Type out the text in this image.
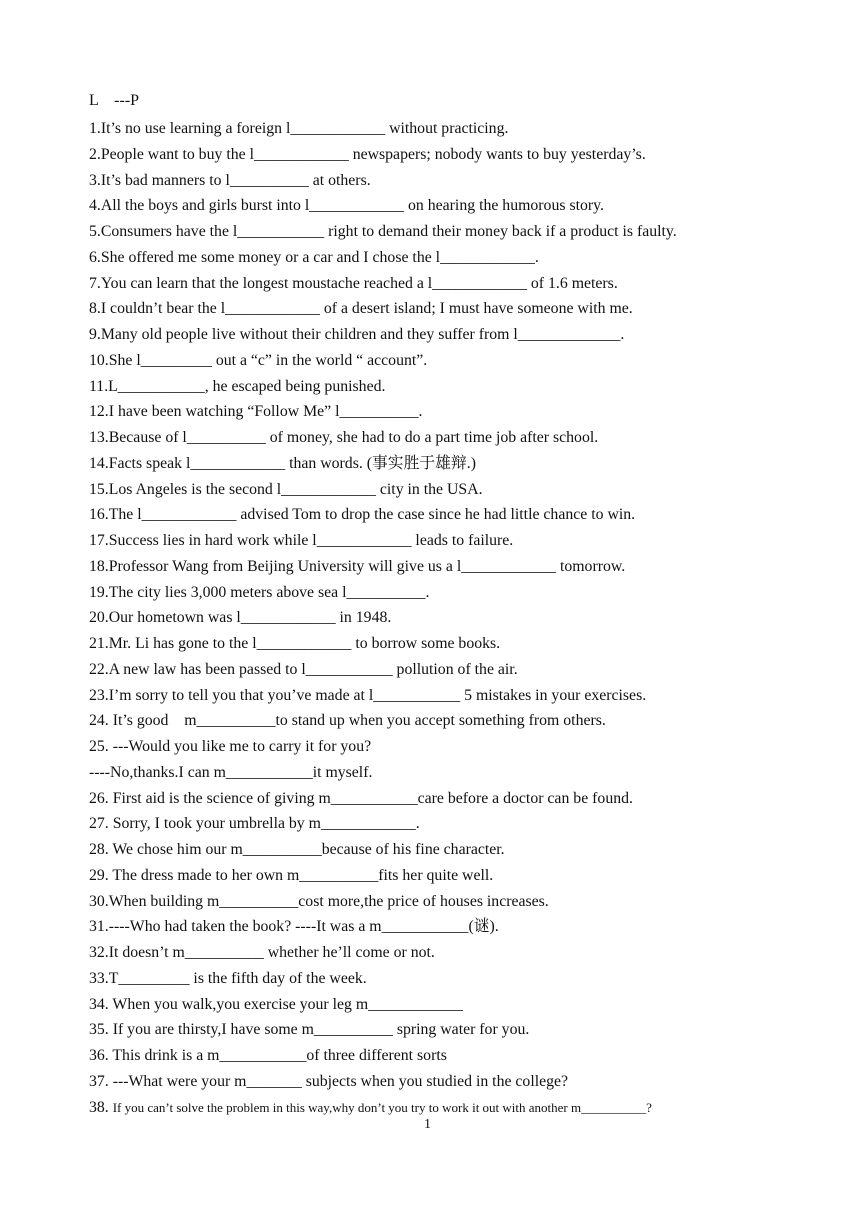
L    ---P
1.It’s no use learning a foreign l____________ without practicing.
2.People want to buy the l____________ newspapers; nobody wants to buy yesterday’s.
3.It’s bad manners to l__________ at others.
4.All the boys and girls burst into l____________ on hearing the humorous story.
5.Consumers have the l___________ right to demand their money back if a product is faulty.
6.She offered me some money or a car and I chose the l____________.
7.You can learn that the longest moustache reached a l____________ of 1.6 meters.
8.I couldn’t bear the l____________ of a desert island; I must have someone with me.
9.Many old people live without their children and they suffer from l_____________.
10.She l_________ out a “c” in the world “ account”.
11.L___________, he escaped being punished.
12.I have been watching “Follow Me” l__________.
13.Because of l__________ of money, she had to do a part time job after school.
14.Facts speak l____________ than words. (事实胜于雄辩.)
15.Los Angeles is the second l____________ city in the USA.
16.The l____________ advised Tom to drop the case since he had little chance to win.
17.Success lies in hard work while l____________ leads to failure.
18.Professor Wang from Beijing University will give us a l____________ tomorrow.
19.The city lies 3,000 meters above sea l__________.
20.Our hometown was l____________ in 1948.
21.Mr. Li has gone to the l____________ to borrow some books.
22.A new law has been passed to l___________ pollution of the air.
23.I’m sorry to tell you that you’ve made at l___________ 5 mistakes in your exercises.
24. It’s good    m__________to stand up when you accept something from others.
25. ---Would you like me to carry it for you?
----No,thanks.I can m___________it myself.
26. First aid is the science of giving m___________care before a doctor can be found.
27. Sorry, I took your umbrella by m____________.
28. We chose him our m__________because of his fine character.
29. The dress made to her own m__________fits her quite well.
30.When building m__________cost more,the price of houses increases.
31.----Who had taken the book? ----It was a m___________(谜).
32.It doesn’t m__________ whether he’ll come or not.
33.T_________ is the fifth day of the week.
34. When you walk,you exercise your leg m____________
35. If you are thirsty,I have some m__________ spring water for you.
36. This drink is a m___________of three different sorts
37. ---What were your m_______ subjects when you studied in the college?
38. If you can’t solve the problem in this way,why don’t you try to work it out with another m__________?
1
